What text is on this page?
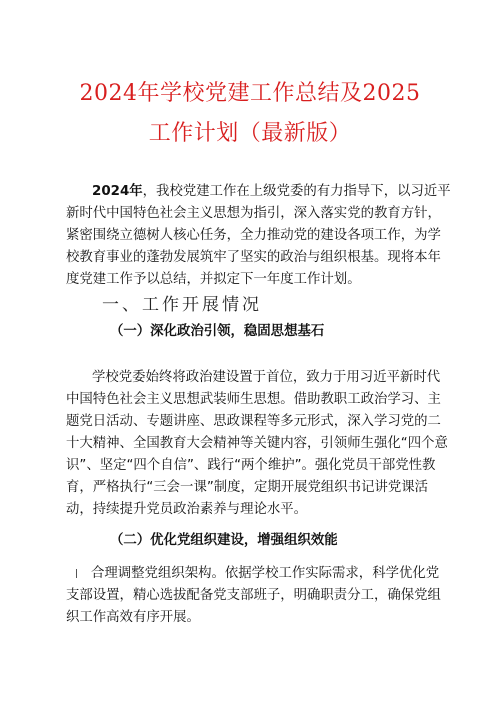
2024年学校党建工作总结及2025
工作计划（最新版）
2024年，我校党建工作在上级党委的有力指导下，以习近平新时代中国特色社会主义思想为指引，深入落实党的教育方针，紧密围绕立德树人核心任务，全力推动党的建设各项工作，为学校教育事业的蓬勃发展筑牢了坚实的政治与组织根基。现将本年度党建工作予以总结，并拟定下一年度工作计划。
一、工作开展情况
（一）深化政治引领，稳固思想基石
学校党委始终将政治建设置于首位，致力于用习近平新时代中国特色社会主义思想武装师生思想。借助教职工政治学习、主题党日活动、专题讲座、思政课程等多元形式，深入学习党的二十大精神、全国教育大会精神等关键内容，引领师生强化“四个意识”、坚定“四个自信”、践行“两个维护”。强化党员干部党性教育，严格执行“三会一课”制度，定期开展党组织书记讲党课活动，持续提升党员政治素养与理论水平。
（二）优化党组织建设，增强组织效能
合理调整党组织架构。依据学校工作实际需求，科学优化党支部设置，精心选拔配备党支部班子，明确职责分工，确保党组织工作高效有序开展。
